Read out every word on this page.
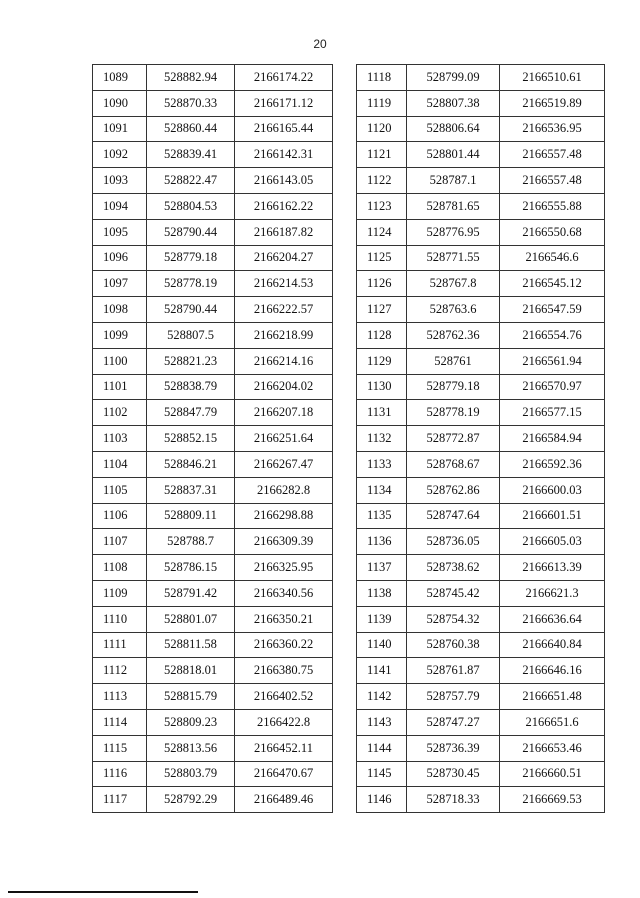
20
1089	528882.94	2166174.22
1090	528870.33	2166171.12
1091	528860.44	2166165.44
1092	528839.41	2166142.31
1093	528822.47	2166143.05
1094	528804.53	2166162.22
1095	528790.44	2166187.82
1096	528779.18	2166204.27
1097	528778.19	2166214.53
1098	528790.44	2166222.57
1099	528807.5	2166218.99
1100	528821.23	2166214.16
1101	528838.79	2166204.02
1102	528847.79	2166207.18
1103	528852.15	2166251.64
1104	528846.21	2166267.47
1105	528837.31	2166282.8
1106	528809.11	2166298.88
1107	528788.7	2166309.39
1108	528786.15	2166325.95
1109	528791.42	2166340.56
1110	528801.07	2166350.21
1111	528811.58	2166360.22
1112	528818.01	2166380.75
1113	528815.79	2166402.52
1114	528809.23	2166422.8
1115	528813.56	2166452.11
1116	528803.79	2166470.67
1117	528792.29	2166489.46
1118	528799.09	2166510.61
1119	528807.38	2166519.89
1120	528806.64	2166536.95
1121	528801.44	2166557.48
1122	528787.1	2166557.48
1123	528781.65	2166555.88
1124	528776.95	2166550.68
1125	528771.55	2166546.6
1126	528767.8	2166545.12
1127	528763.6	2166547.59
1128	528762.36	2166554.76
1129	528761	2166561.94
1130	528779.18	2166570.97
1131	528778.19	2166577.15
1132	528772.87	2166584.94
1133	528768.67	2166592.36
1134	528762.86	2166600.03
1135	528747.64	2166601.51
1136	528736.05	2166605.03
1137	528738.62	2166613.39
1138	528745.42	2166621.3
1139	528754.32	2166636.64
1140	528760.38	2166640.84
1141	528761.87	2166646.16
1142	528757.79	2166651.48
1143	528747.27	2166651.6
1144	528736.39	2166653.46
1145	528730.45	2166660.51
1146	528718.33	2166669.53
